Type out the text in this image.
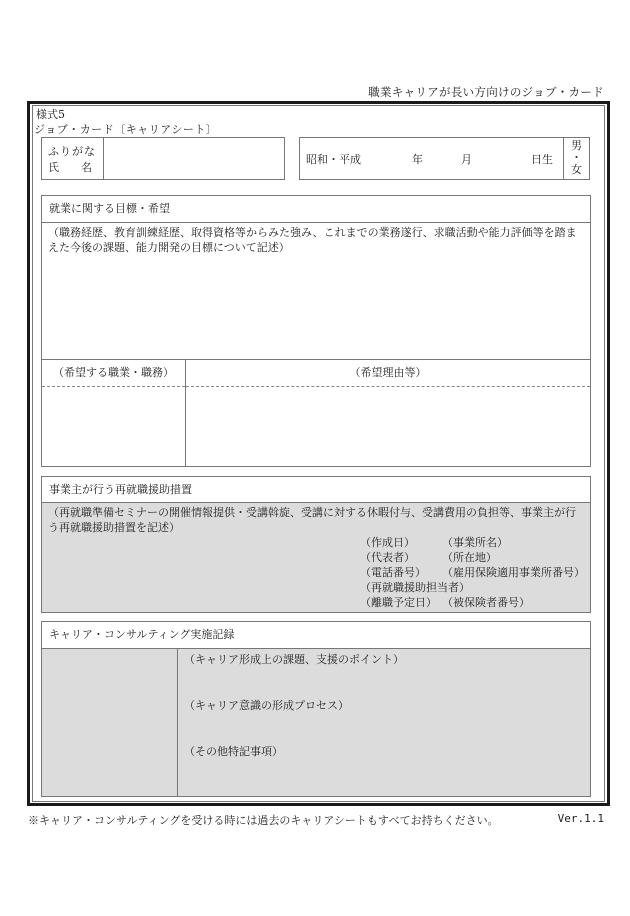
職業キャリアが長い方向けのジョブ・カード
様式5
ジョブ・カード〔キャリアシート〕
ふりがな
氏　　名
昭和・平成	年	月	日生
男
・
女
就業に関する目標・希望
（職務経歴、教育訓練経歴、取得資格等からみた強み、これまでの業務遂行、求職活動や能力評価等を踏まえた今後の課題、能力開発の目標について記述）
（希望する職業・職務）	（希望理由等）
事業主が行う再就職援助措置
（再就職準備セミナーの開催情報提供・受講斡旋、受講に対する休暇付与、受講費用の負担等、事業主が行う再就職援助措置を記述）
（作成日）	（事業所名）
（代表者）	（所在地）
（電話番号）	（雇用保険適用事業所番号）
（再就職援助担当者）
（離職予定日） （被保険者番号）
キャリア・コンサルティング実施記録
（キャリア形成上の課題、支援のポイント）
（キャリア意識の形成プロセス）
（その他特記事項）
※キャリア・コンサルティングを受ける時には過去のキャリアシートもすべてお持ちください。	Ver.1.1
